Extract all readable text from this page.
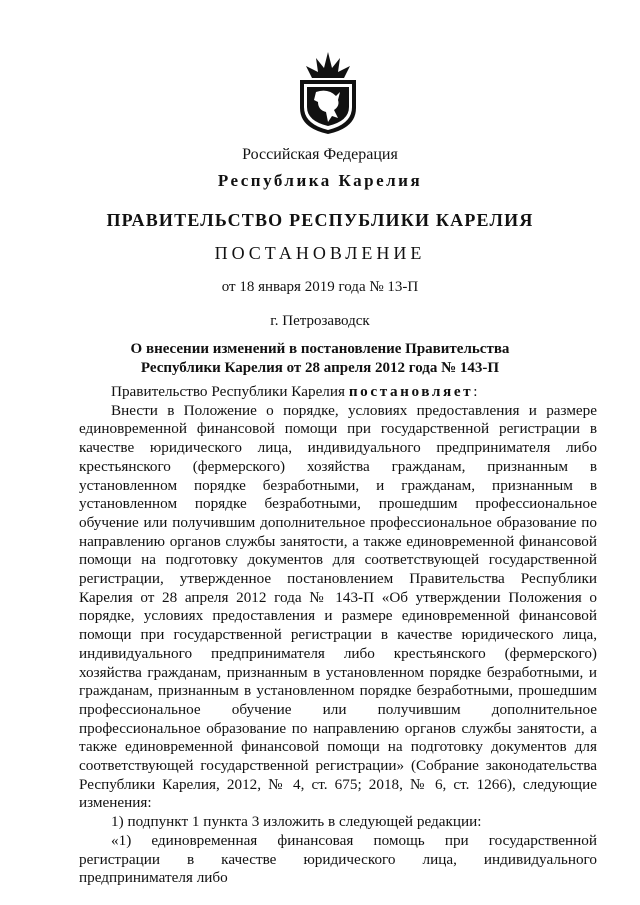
Российская Федерация
Республика Карелия
ПРАВИТЕЛЬСТВО РЕСПУБЛИКИ КАРЕЛИЯ
ПОСТАНОВЛЕНИЕ
от 18 января 2019 года № 13-П
г. Петрозаводск
О внесении изменений в постановление Правительства
Республики Карелия от 28 апреля 2012 года № 143-П

Правительство Республики Карелия постановляет:

Внести в Положение о порядке, условиях предоставления и размере единовременной финансовой помощи при государственной регистрации в качестве юридического лица, индивидуального предпринимателя либо крестьянского (фермерского) хозяйства гражданам, признанным в установленном порядке безработными, и гражданам, признанным в установленном порядке безработными, прошедшим профессиональное обучение или получившим дополнительное профессиональное образование по направлению органов службы занятости, а также единовременной финансовой помощи на подготовку документов для соответствующей государственной регистрации, утвержденное постановлением Правительства Республики Карелия от 28 апреля 2012 года № 143-П «Об утверждении Положения о порядке, условиях предоставления и размере единовременной финансовой помощи при государственной регистрации в качестве юридического лица, индивидуального предпринимателя либо крестьянского (фермерского) хозяйства гражданам, признанным в установленном порядке безработными, и гражданам, признанным в установленном порядке безработными, прошедшим профессиональное обучение или получившим дополнительное профессиональное образование по направлению органов службы занятости, а также единовременной финансовой помощи на подготовку документов для соответствующей государственной регистрации» (Собрание законодательства Республики Карелия, 2012, № 4, ст. 675; 2018, № 6, ст. 1266), следующие изменения:

1) подпункт 1 пункта 3 изложить в следующей редакции:

«1) единовременная финансовая помощь при государственной регистрации в качестве юридического лица, индивидуального предпринимателя либо
